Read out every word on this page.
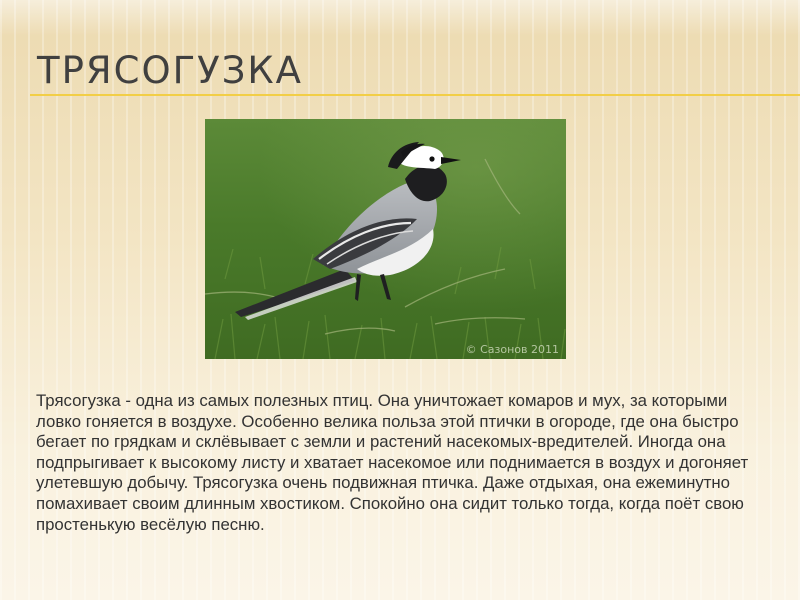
ТРЯСОГУЗКА
© Сазонов 2011

Трясогузка - одна из самых полезных птиц. Она уничтожает комаров и мух, за которыми ловко гоняется в воздухе. Особенно велика польза этой птички в огороде, где она быстро бегает по грядкам и склёвывает с земли и растений насекомых-вредителей. Иногда она подпрыгивает к высокому листу и хватает насекомое или поднимается в воздух и догоняет улетевшую добычу. Трясогузка очень подвижная птичка. Даже отдыхая, она ежеминутно помахивает своим длинным хвостиком. Спокойно она сидит только тогда, когда поёт свою простенькую весёлую песню.
